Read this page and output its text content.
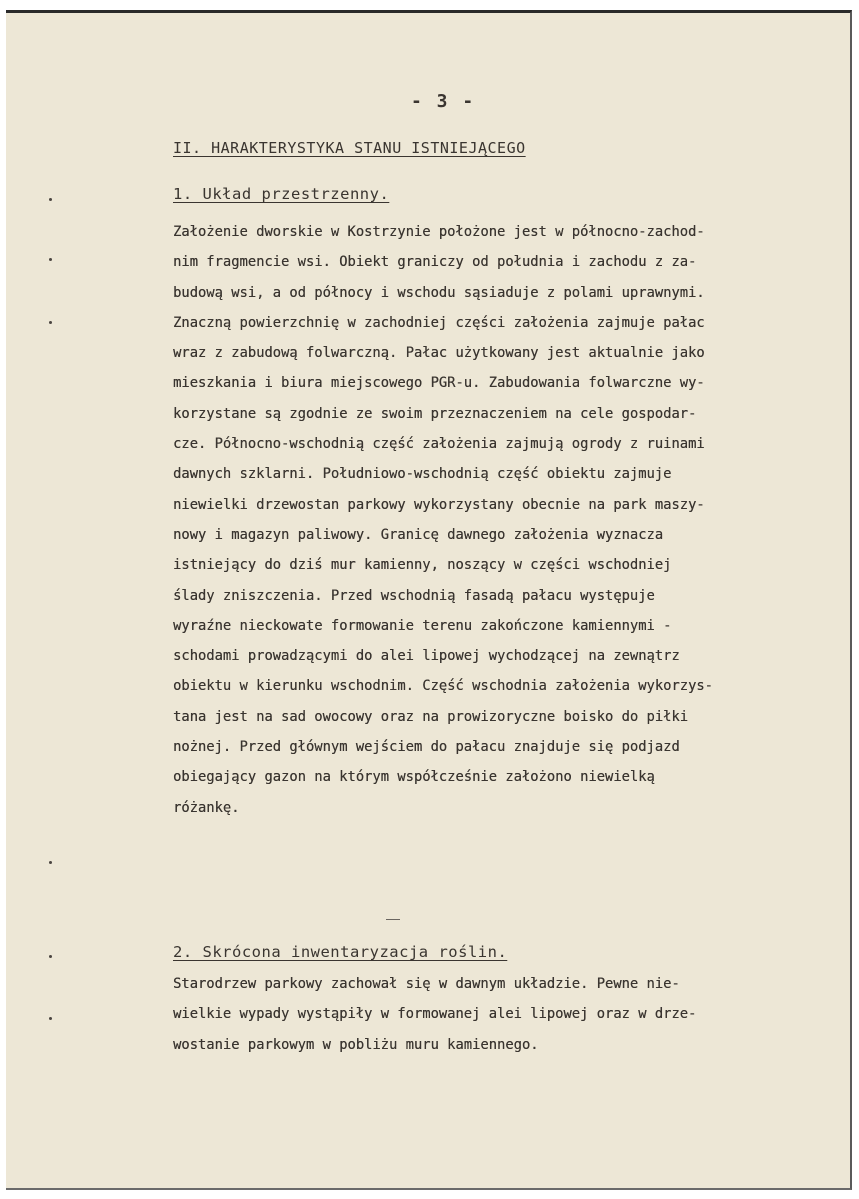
- 3 -
II. HARAKTERYSTYKA STANU ISTNIEJĄCEGO
1. Układ przestrzenny.
Założenie dworskie w Kostrzynie położone jest w północno-zachod-
nim fragmencie wsi. Obiekt graniczy od południa i zachodu z za-
budową wsi, a od północy i wschodu sąsiaduje z polami uprawnymi.
Znaczną powierzchnię w zachodniej części założenia zajmuje pałac
wraz z zabudową folwarczną. Pałac użytkowany jest aktualnie jako
mieszkania i biura miejscowego PGR-u. Zabudowania folwarczne wy-
korzystane są zgodnie ze swoim przeznaczeniem na cele gospodar-
cze. Północno-wschodnią część założenia zajmują ogrody z ruinami
dawnych szklarni. Południowo-wschodnią część obiektu zajmuje
niewielki drzewostan parkowy wykorzystany obecnie na park maszy-
nowy i magazyn paliwowy. Granicę dawnego założenia wyznacza
istniejący do dziś mur kamienny, noszący w części wschodniej
ślady zniszczenia. Przed wschodnią fasadą pałacu występuje
wyraźne nieckowate formowanie terenu zakończone kamiennymi -
schodami prowadzącymi do alei lipowej wychodzącej na zewnątrz
obiektu w kierunku wschodnim. Część wschodnia założenia wykorzys-
tana jest na sad owocowy oraz na prowizoryczne boisko do piłki
nożnej. Przed głównym wejściem do pałacu znajduje się podjazd
obiegający gazon na którym współcześnie założono niewielką
różankę.
2. Skrócona inwentaryzacja roślin.
Starodrzew parkowy zachował się w dawnym układzie. Pewne nie-
wielkie wypady wystąpiły w formowanej alei lipowej oraz w drze-
wostanie parkowym w pobliżu muru kamiennego.
